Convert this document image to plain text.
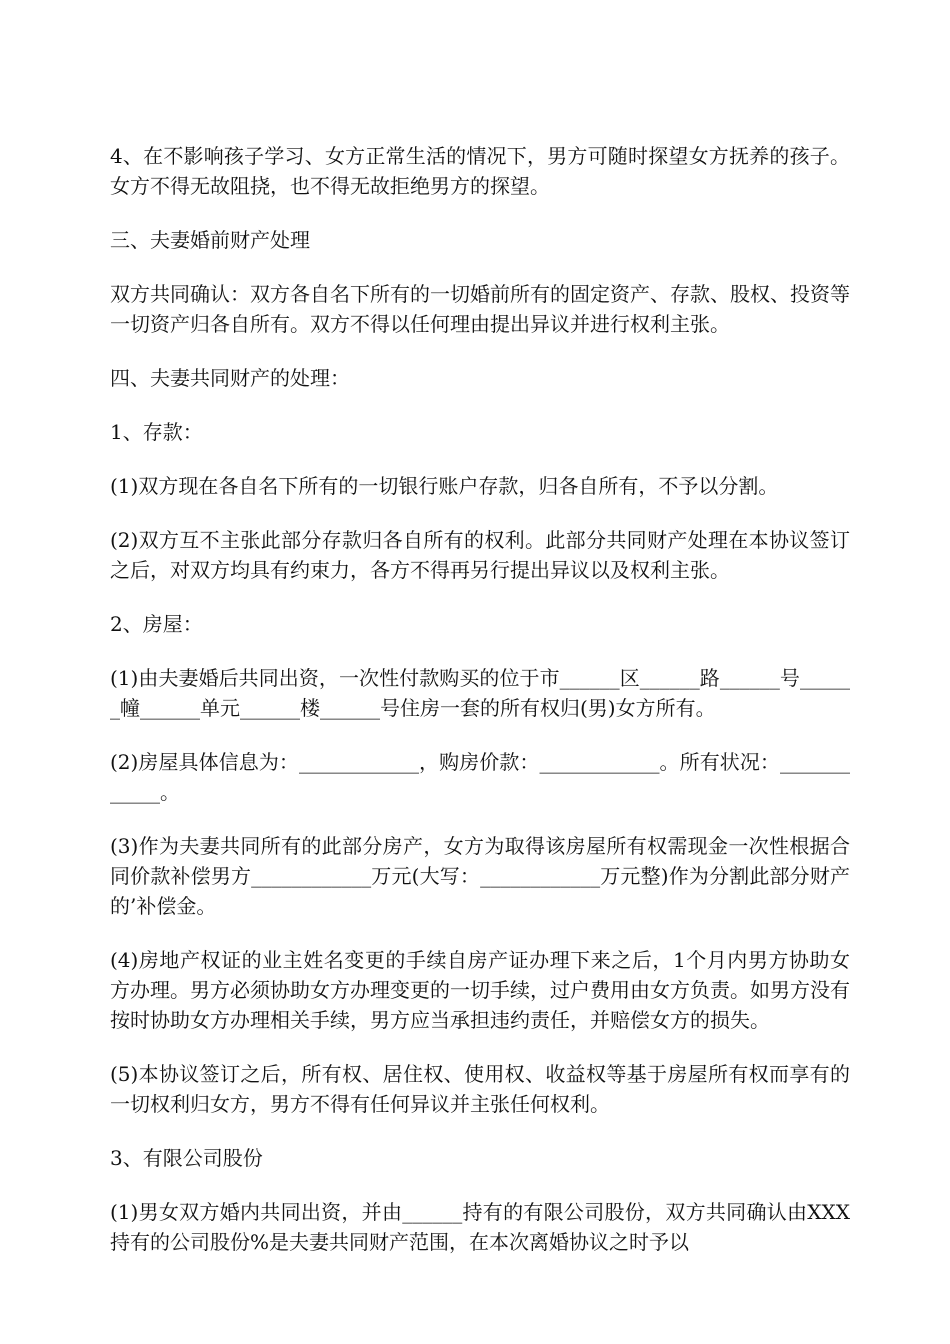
4、在不影响孩子学习、女方正常生活的情况下，男方可随时探望女方抚养的孩子。女方不得无故阻挠，也不得无故拒绝男方的探望。

三、夫妻婚前财产处理

双方共同确认：双方各自名下所有的一切婚前所有的固定资产、存款、股权、投资等一切资产归各自所有。双方不得以任何理由提出异议并进行权利主张。

四、夫妻共同财产的处理：

1、存款：

(1)双方现在各自名下所有的一切银行账户存款，归各自所有，不予以分割。

(2)双方互不主张此部分存款归各自所有的权利。此部分共同财产处理在本协议签订之后，对双方均具有约束力，各方不得再另行提出异议以及权利主张。

2、房屋：

(1)由夫妻婚后共同出资，一次性付款购买的位于市______区______路______号______幢______单元______楼______号住房一套的所有权归(男)女方所有。

(2)房屋具体信息为：____________，购房价款：____________。所有状况：____________。

(3)作为夫妻共同所有的此部分房产，女方为取得该房屋所有权需现金一次性根据合同价款补偿男方____________万元(大写：____________万元整)作为分割此部分财产的’补偿金。

(4)房地产权证的业主姓名变更的手续自房产证办理下来之后，1个月内男方协助女方办理。男方必须协助女方办理变更的一切手续，过户费用由女方负责。如男方没有按时协助女方办理相关手续，男方应当承担违约责任，并赔偿女方的损失。

(5)本协议签订之后，所有权、居住权、使用权、收益权等基于房屋所有权而享有的一切权利归女方，男方不得有任何异议并主张任何权利。

3、有限公司股份

(1)男女双方婚内共同出资，并由______持有的有限公司股份，双方共同确认由XXX持有的公司股份%是夫妻共同财产范围，在本次离婚协议之时予以
